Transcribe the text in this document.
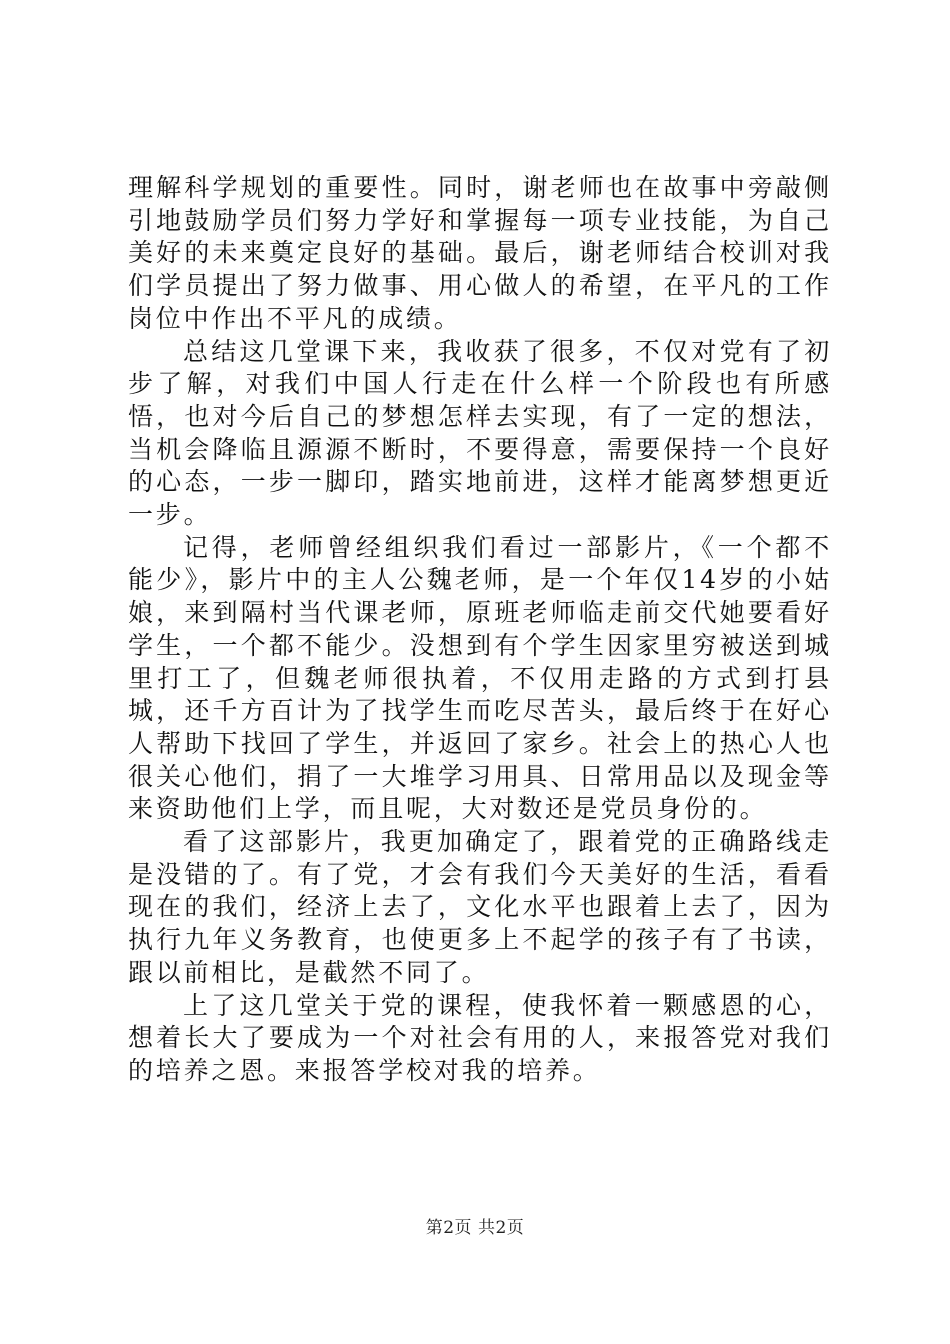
理解科学规划的重要性。同时，谢老师也在故事中旁敲侧引地鼓励学员们努力学好和掌握每一项专业技能，为自己美好的未来奠定良好的基础。最后，谢老师结合校训对我们学员提出了努力做事、用心做人的希望，在平凡的工作岗位中作出不平凡的成绩。

总结这几堂课下来，我收获了很多，不仅对党有了初步了解，对我们中国人行走在什么样一个阶段也有所感悟，也对今后自己的梦想怎样去实现，有了一定的想法，当机会降临且源源不断时，不要得意，需要保持一个良好的心态，一步一脚印，踏实地前进，这样才能离梦想更近一步。

记得，老师曾经组织我们看过一部影片，《一个都不能少》，影片中的主人公魏老师，是一个年仅14岁的小姑娘，来到隔村当代课老师，原班老师临走前交代她要看好学生，一个都不能少。没想到有个学生因家里穷被送到城里打工了，但魏老师很执着，不仅用走路的方式到打县城，还千方百计为了找学生而吃尽苦头，最后终于在好心人帮助下找回了学生，并返回了家乡。社会上的热心人也很关心他们，捐了一大堆学习用具、日常用品以及现金等来资助他们上学，而且呢，大对数还是党员身份的。

看了这部影片，我更加确定了，跟着党的正确路线走是没错的了。有了党，才会有我们今天美好的生活，看看现在的我们，经济上去了，文化水平也跟着上去了，因为执行九年义务教育，也使更多上不起学的孩子有了书读，跟以前相比，是截然不同了。

上了这几堂关于党的课程，使我怀着一颗感恩的心，想着长大了要成为一个对社会有用的人，来报答党对我们的培养之恩。来报答学校对我的培养。

第2页 共2页
